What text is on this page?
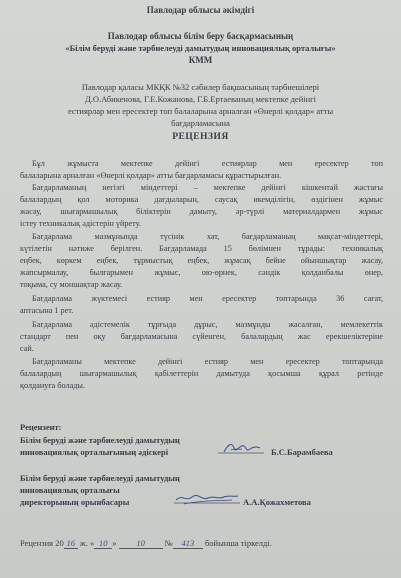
Павлодар облысы әкімдігі
Павлодар облысы білім беру басқармасының
«Білім беруді және тәрбиелеуді дамытудың инновациялық орталығы»
КММ
Павлодар қаласы МКҚК №32 сәбилер бақшасының тәрбиешілері
Д.О.Абикенова, Г.Е.Кожанова, Г.Б.Ертаеваның мектепке дейінгі
естиярлар мен ересектер топ балаларына арналған «Өнерлі қолдар» атты
бағдарламасына
РЕЦЕНЗИЯ
Бұл жұмыста мектепке дейінгі естиярлар мен ересектер топ
балаларына арналған «Өнерлі қолдар» атты бағдарламасы құрастырылған.
Бағдарламаның негізгі міндеттері – мектепке дейінгі кішкентай жастағы
балалардың қол моторика дағдыларын, саусақ икемділігін, өздігінен жұмыс
жасау, шығармашылық біліктерін дамыту, әр-түрлі материалдармен жұмыс
істеу техникалық әдістерін үйрету.
Бағдарлама мазмұнында түсінік хат, бағдарламаның мақсат-міндеттері,
күтілетін нәтиже берілген. Бағдарламада 15 бөлімнен тұрады: техникалық
еңбек, көркем еңбек, тұрмыстық еңбек, жұмсақ бейне ойыншықтар жасау,
жапсырмалау, былғарымен жұмыс, ою-өрнек, сәндік қолданбалы өнер,
тоқыма, су моншақтар жасау.
Бағдарлама жүктемесі естияр мен ересектер топтарында 36 сағат,
аптасына 1 рет.
Бағдарлама әдістемелік тұрғыда дұрыс, мазмұнды жасалған, мемлекеттік
стандарт пен оқу бағдарламасына сүйенген, балалардың жас ерекшеліктеріне
сай.
Бағдарламаны мектепке дейінгі естияр мен ересектер топтарында
балалардың шығармашылық қабілеттерін дамытуда қосымша құрал ретінде
қолдануға болады.
Рецензент:
Білім беруді және тәрбиелеуді дамытудың
инновациялық орталығының әдіскері	Б.С.Барамбаева
Білім беруді және тәрбиелеуді дамытудың
инновациялық орталығы
директорының орынбасары	А.А.Қожахметова
Рецензия 20 16 ж. « 10 » 10 № 413 бойынша тіркелді.
